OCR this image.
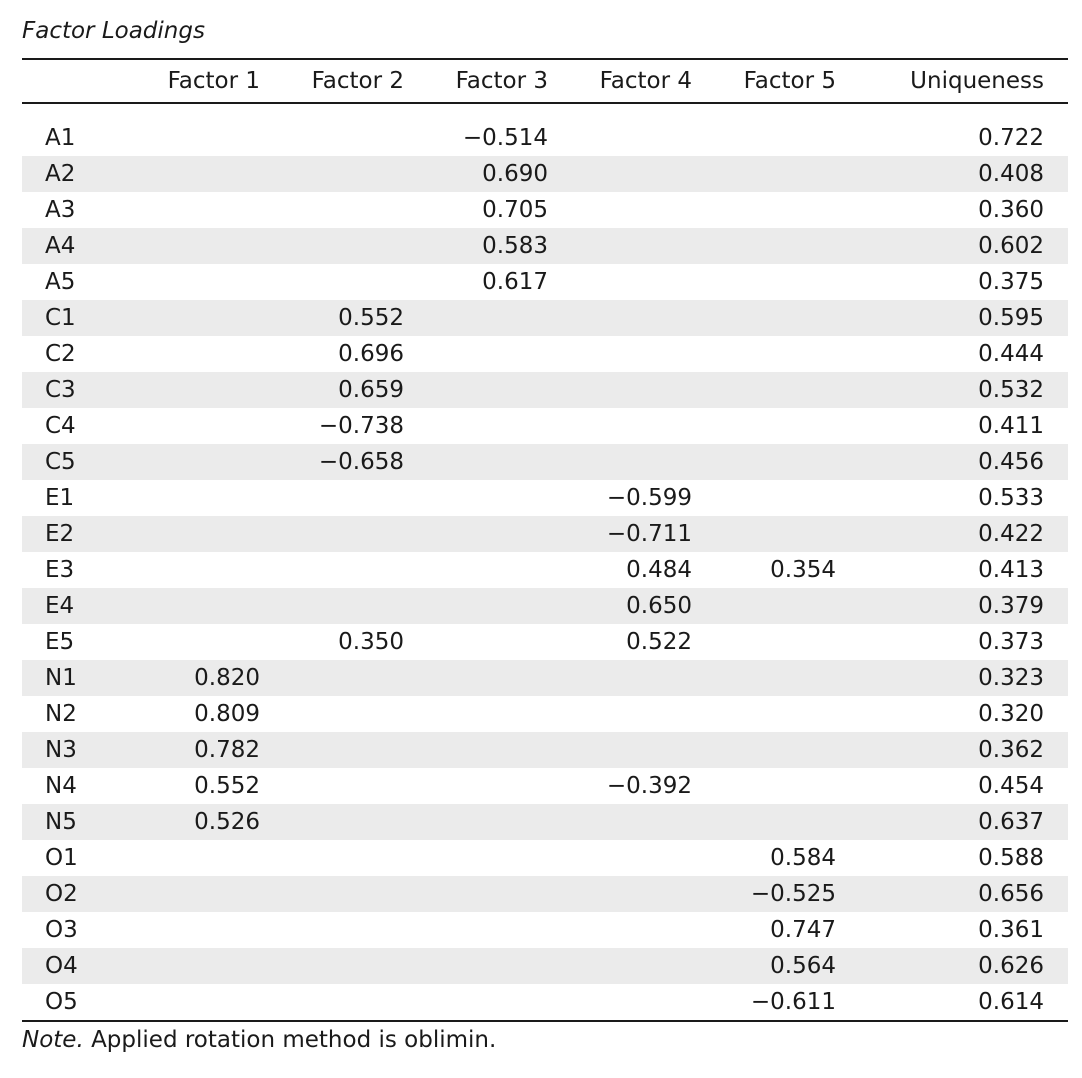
Factor Loadings
	Factor 1	Factor 2	Factor 3	Factor 4	Factor 5	Uniqueness

A1			−0.514			0.722
A2			0.690			0.408
A3			0.705			0.360
A4			0.583			0.602
A5			0.617			0.375
C1		0.552				0.595
C2		0.696				0.444
C3		0.659				0.532
C4		−0.738				0.411
C5		−0.658				0.456
E1				−0.599		0.533
E2				−0.711		0.422
E3				0.484	0.354	0.413
E4				0.650		0.379
E5		0.350		0.522		0.373
N1	0.820					0.323
N2	0.809					0.320
N3	0.782					0.362
N4	0.552			−0.392		0.454
N5	0.526					0.637
O1					0.584	0.588
O2					−0.525	0.656
O3					0.747	0.361
O4					0.564	0.626
O5					−0.611	0.614
Note. Applied rotation method is oblimin.
